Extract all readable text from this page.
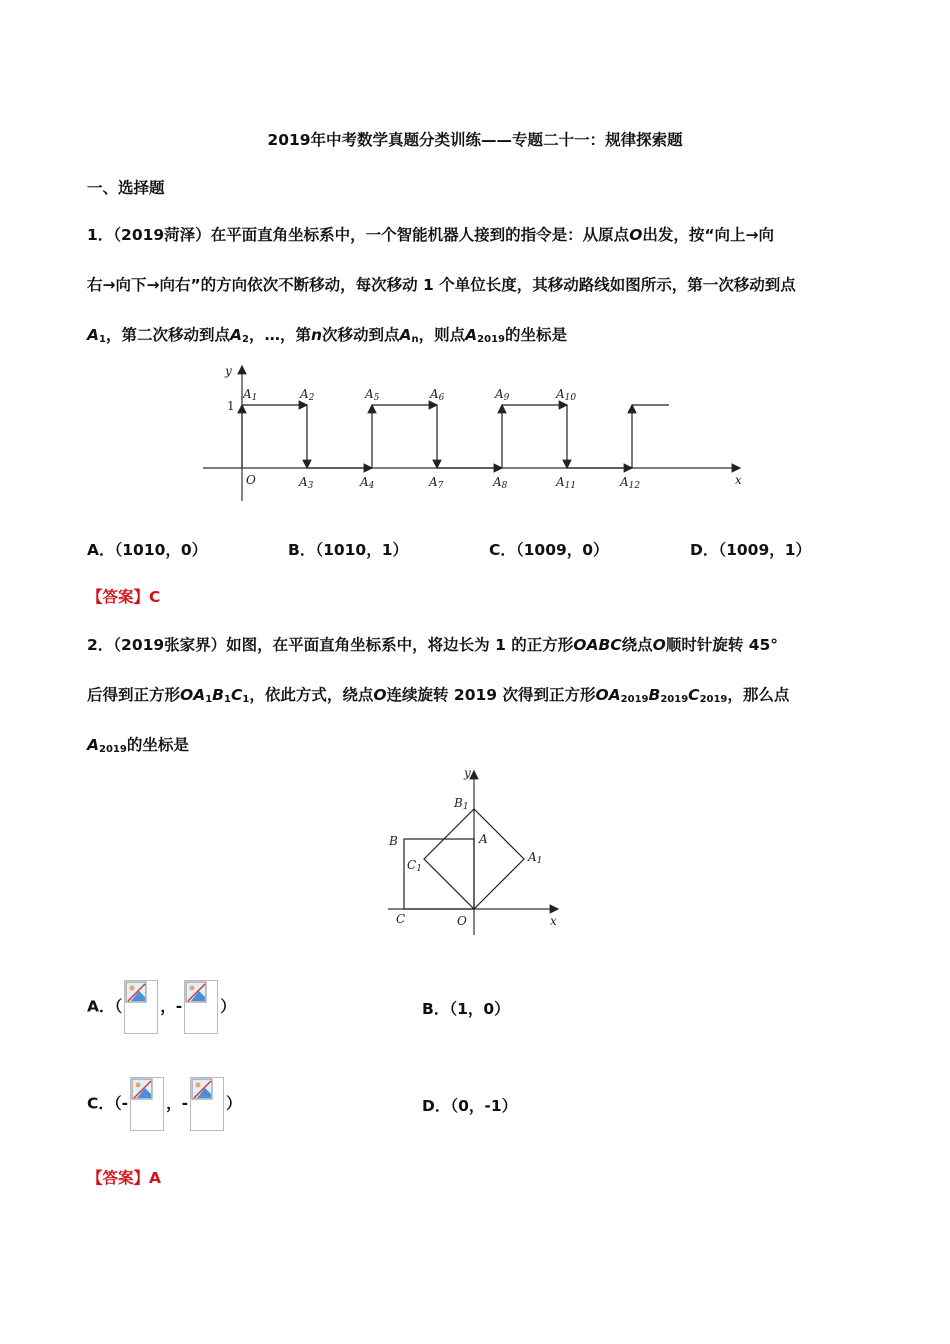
2019年中考数学真题分类训练——专题二十一：规律探索题
一、选择题
1．（2019菏泽）在平面直角坐标系中，一个智能机器人接到的指令是：从原点O出发，按“向上→向
右→向下→向右”的方向依次不断移动，每次移动 1 个单位长度，其移动路线如图所示，第一次移动到点
$A_1$，第二次移动到点$A_2$，…，第n次移动到点$A_n$，则点$A_{2019}$的坐标是
y
x
O
1
A1	A2
A3	A4
A5	A6
A7	A8
A9	A10
A11	A12
A．（1010，0）	B．（1010，1）	C．（1009，0）	D．（1009，1）
【答案】C
2．（2019张家界）如图，在平面直角坐标系中，将边长为 1 的正方形OABC绕点O顺时针旋转 45°
后得到正方形$OA_1B_1C_1$，依此方式，绕点O连续旋转 2019 次得到正方形$OA_{2019}B_{2019}C_{2019}$，那么点
$A_{2019}$的坐标是
y
x
O
A
B
C
B1
A1
C1
A．（ ，- ）	B．（1，0）
C．（- ，- ）	D．（0，-1）
【答案】A
